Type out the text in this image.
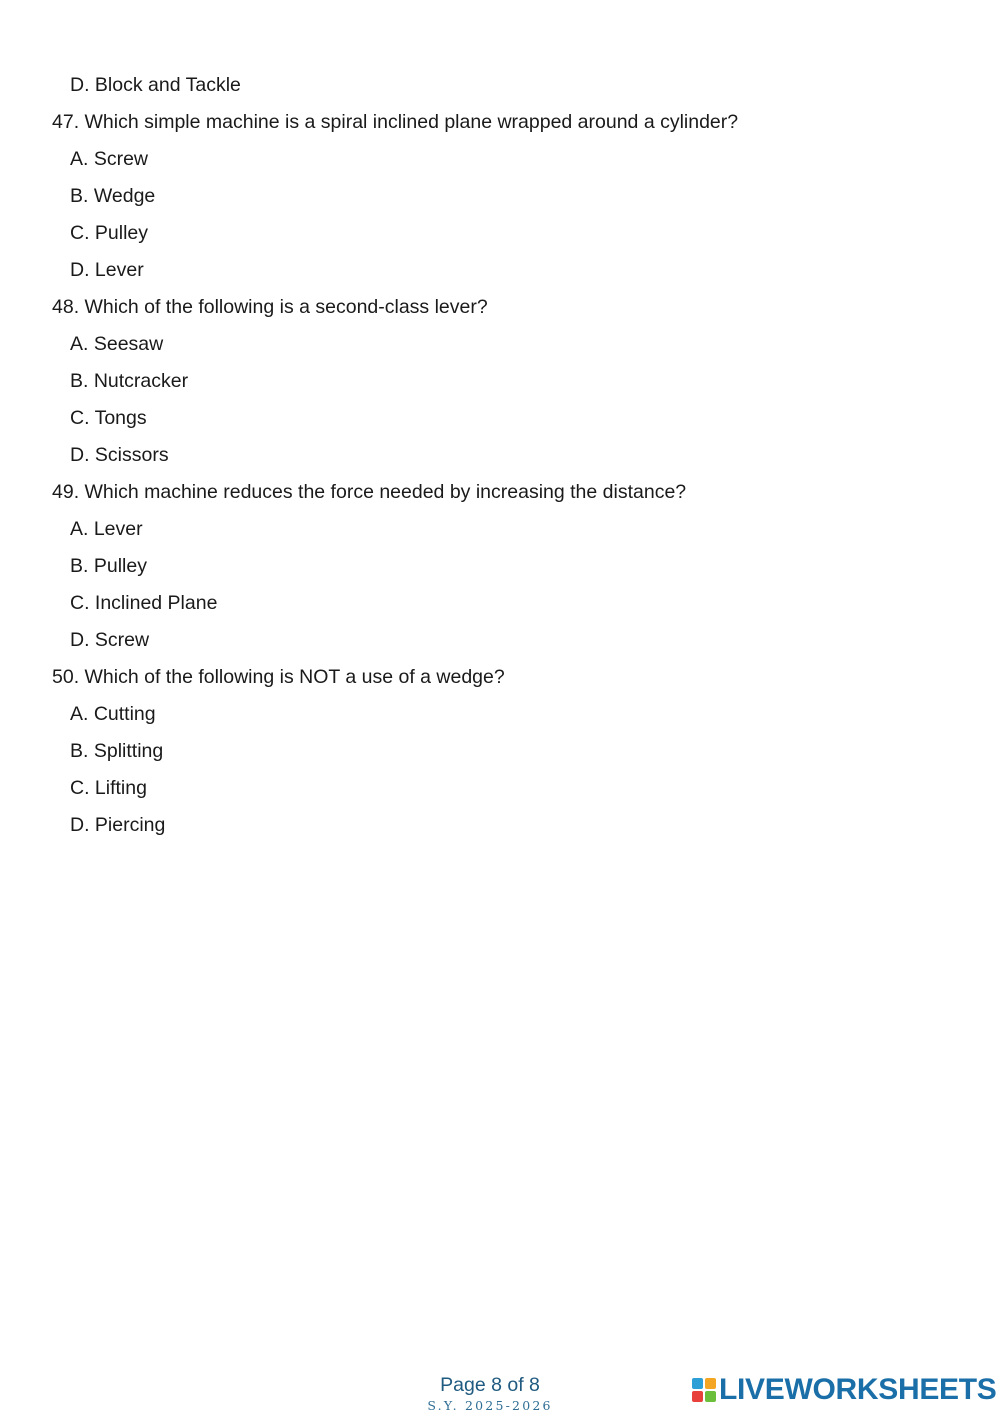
D. Block and Tackle
47. Which simple machine is a spiral inclined plane wrapped around a cylinder?
A. Screw
B. Wedge
C. Pulley
D. Lever
48. Which of the following is a second-class lever?
A. Seesaw
B. Nutcracker
C. Tongs
D. Scissors
49. Which machine reduces the force needed by increasing the distance?
A. Lever
B. Pulley
C. Inclined Plane
D. Screw
50. Which of the following is NOT a use of a wedge?
A. Cutting
B. Splitting
C. Lifting
D. Piercing
Page 8 of 8
S.Y. 2025-2026	LIVEWORKSHEETS
